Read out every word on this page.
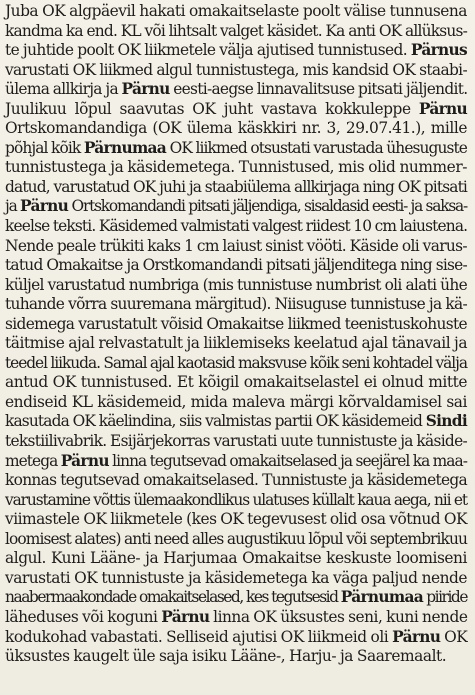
Juba OK algpäevil hakati omakaitselaste poolt välise tunnusena
kandma ka end. KL või lihtsalt valget käsidet. Ka anti OK allüksus-
te juhtide poolt OK liikmetele välja ajutised tunnistused. Pärnus
varustati OK liikmed algul tunnistustega, mis kandsid OK staabi-
ülema allkirja ja Pärnu eesti-aegse linnavalitsuse pitsati jäljendit.
Juulikuu lõpul saavutas OK juht vastava kokkuleppe Pärnu
Ortskomandandiga (OK ülema käskkiri nr. 3, 29.07.41.), mille
põhjal kõik Pärnumaa OK liikmed otsustati varustada ühesuguste
tunnistustega ja käsidemetega. Tunnistused, mis olid nummer-
datud, varustatud OK juhi ja staabiülema allkirjaga ning OK pitsati
ja Pärnu Ortskomandandi pitsati jäljendiga, sisaldasid eesti- ja saksa-
keelse teksti. Käsidemed valmistati valgest riidest 10 cm laiustena.
Nende peale trükiti kaks 1 cm laiust sinist vööti. Käside oli varus-
tatud Omakaitse ja Orstkomandandi pitsati jäljenditega ning sise-
küljel varustatud numbriga (mis tunnistuse numbrist oli alati ühe
tuhande võrra suuremana märgitud). Niisuguse tunnistuse ja kä-
sidemega varustatult võisid Omakaitse liikmed teenistuskohuste
täitmise ajal relvastatult ja liiklemiseks keelatud ajal tänavail ja
teedel liikuda. Samal ajal kaotasid maksvuse kõik seni kohtadel välja
antud OK tunnistused. Et kõigil omakaitselastel ei olnud mitte
endiseid KL käsidemeid, mida maleva märgi kõrvaldamisel sai
kasutada OK käelindina, siis valmistas partii OK käsidemeid Sindi
tekstiilivabrik. Esijärjekorras varustati uute tunnistuste ja käside-
metega Pärnu linna tegutsevad omakaitselased ja seejärel ka maa-
konnas tegutsevad omakaitselased. Tunnistuste ja käsidemetega
varustamine võttis ülemaakondlikus ulatuses küllalt kaua aega, nii et
viimastele OK liikmetele (kes OK tegevusest olid osa võtnud OK
loomisest alates) anti need alles augustikuu lõpul või septembrikuu
algul. Kuni Lääne- ja Harjumaa Omakaitse keskuste loomiseni
varustati OK tunnistuste ja käsidemetega ka väga paljud nende
naabermaakondade omakaitselased, kes tegutsesid Pärnumaa piiride
läheduses või koguni Pärnu linna OK üksustes seni, kuni nende
kodukohad vabastati. Selliseid ajutisi OK liikmeid oli Pärnu OK
üksustes kaugelt üle saja isiku Lääne-, Harju- ja Saaremaalt.
